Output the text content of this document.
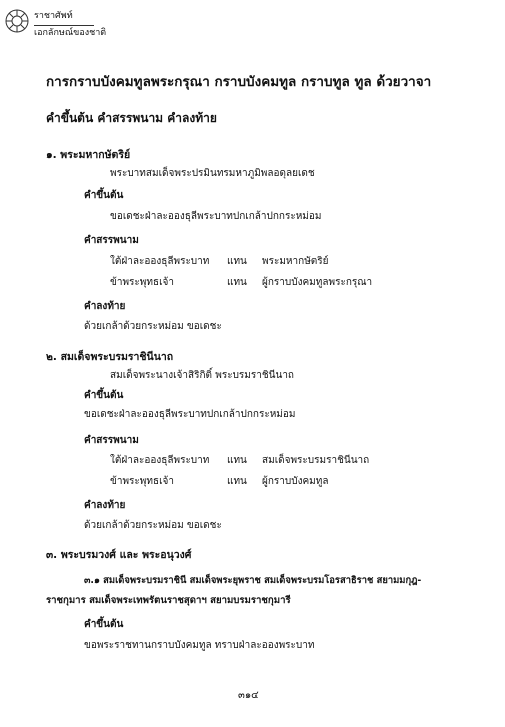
ราชาศัพท์
เอกลักษณ์ของชาติ
การกราบบังคมทูลพระกรุณา กราบบังคมทูล กราบทูล ทูล ด้วยวาจา
คำขึ้นต้น คำสรรพนาม คำลงท้าย
๑. พระมหากษัตริย์
พระบาทสมเด็จพระปรมินทรมหาภูมิพลอดุลยเดช
คำขึ้นต้น
ขอเดชะฝ่าละอองธุลีพระบาทปกเกล้าปกกระหม่อม
คำสรรพนาม
ใต้ฝ่าละอองธุลีพระบาท แทน พระมหากษัตริย์
ข้าพระพุทธเจ้า	แทน ผู้กราบบังคมทูลพระกรุณา
คำลงท้าย
ด้วยเกล้าด้วยกระหม่อม ขอเดชะ
๒. สมเด็จพระบรมราชินีนาถ
สมเด็จพระนางเจ้าสิริกิติ์ พระบรมราชินีนาถ
คำขึ้นต้น
ขอเดชะฝ่าละอองธุลีพระบาทปกเกล้าปกกระหม่อม
คำสรรพนาม
ใต้ฝ่าละอองธุลีพระบาท แทน สมเด็จพระบรมราชินีนาถ
ข้าพระพุทธเจ้า	แทน ผู้กราบบังคมทูล
คำลงท้าย
ด้วยเกล้าด้วยกระหม่อม ขอเดชะ
๓. พระบรมวงศ์ และ พระอนุวงศ์
๓.๑ สมเด็จพระบรมราชินี สมเด็จพระยุพราช สมเด็จพระบรมโอรสาธิราช สยามมกุฎ-
ราชกุมาร สมเด็จพระเทพรัตนราชสุดาฯ สยามบรมราชกุมารี
คำขึ้นต้น
ขอพระราชทานกราบบังคมทูล ทราบฝ่าละอองพระบาท
๓๑๔
